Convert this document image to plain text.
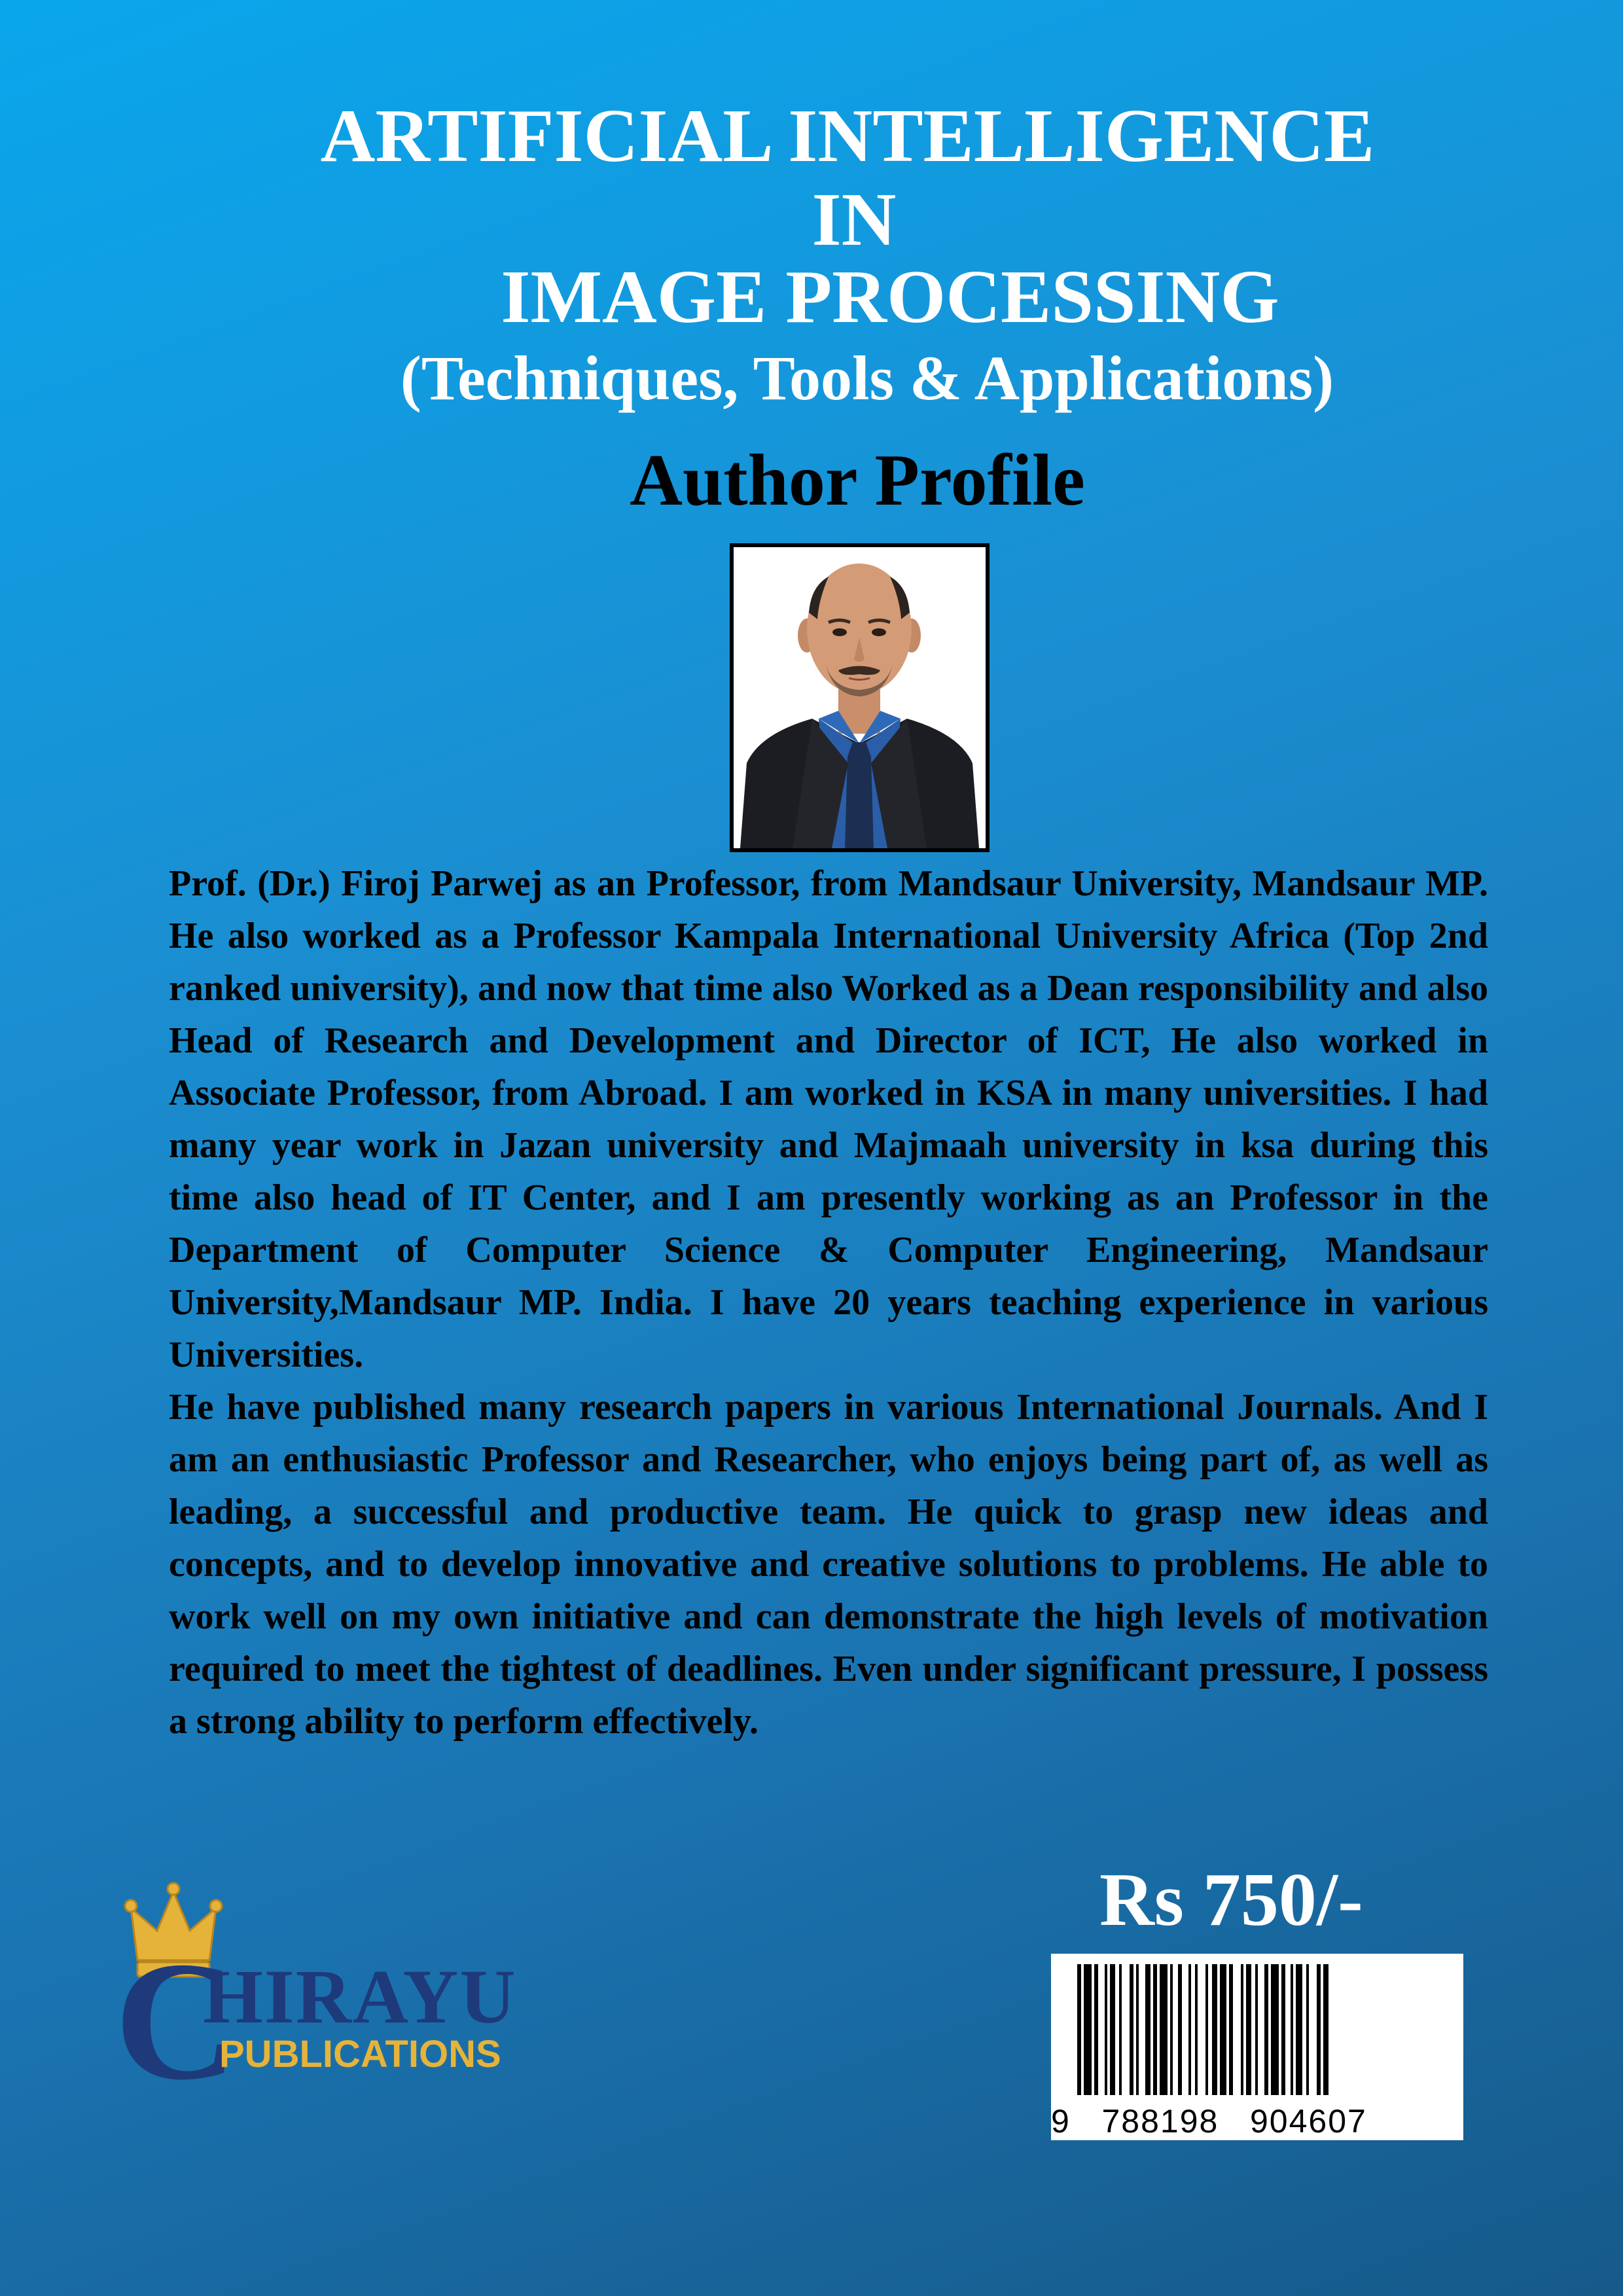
ARTIFICIAL INTELLIGENCE
IN
IMAGE PROCESSING
(Techniques, Tools & Applications)
Author Profile

Prof. (Dr.) Firoj Parwej as an Professor, from Mandsaur University, Mandsaur MP. He also worked as a Professor Kampala International University Africa (Top 2nd ranked university), and now that time also Worked as a Dean responsibility and also Head of Research and Development and Director of ICT, He also worked in Associate Professor, from Abroad. I am worked in KSA in many universities. I had many year work in Jazan university and Majmaah university in ksa during this time also head of IT Center, and I am presently working as an Professor in the Department of Computer Science & Computer Engineering, Mandsaur University,Mandsaur MP. India. I have 20 years teaching experience in various Universities.

He have published many research papers in various International Journals. And I am an enthusiastic Professor and Researcher, who enjoys being part of, as well as leading, a successful and productive team. He quick to grasp new ideas and concepts, and to develop innovative and creative solutions to problems. He able to work well on my own initiative and can demonstrate the high levels of motivation required to meet the tightest of deadlines. Even under significant pressure, I possess a strong ability to perform effectively.

C
HIRAYU
PUBLICATIONS
Rs 750/-
9   788198   904607
